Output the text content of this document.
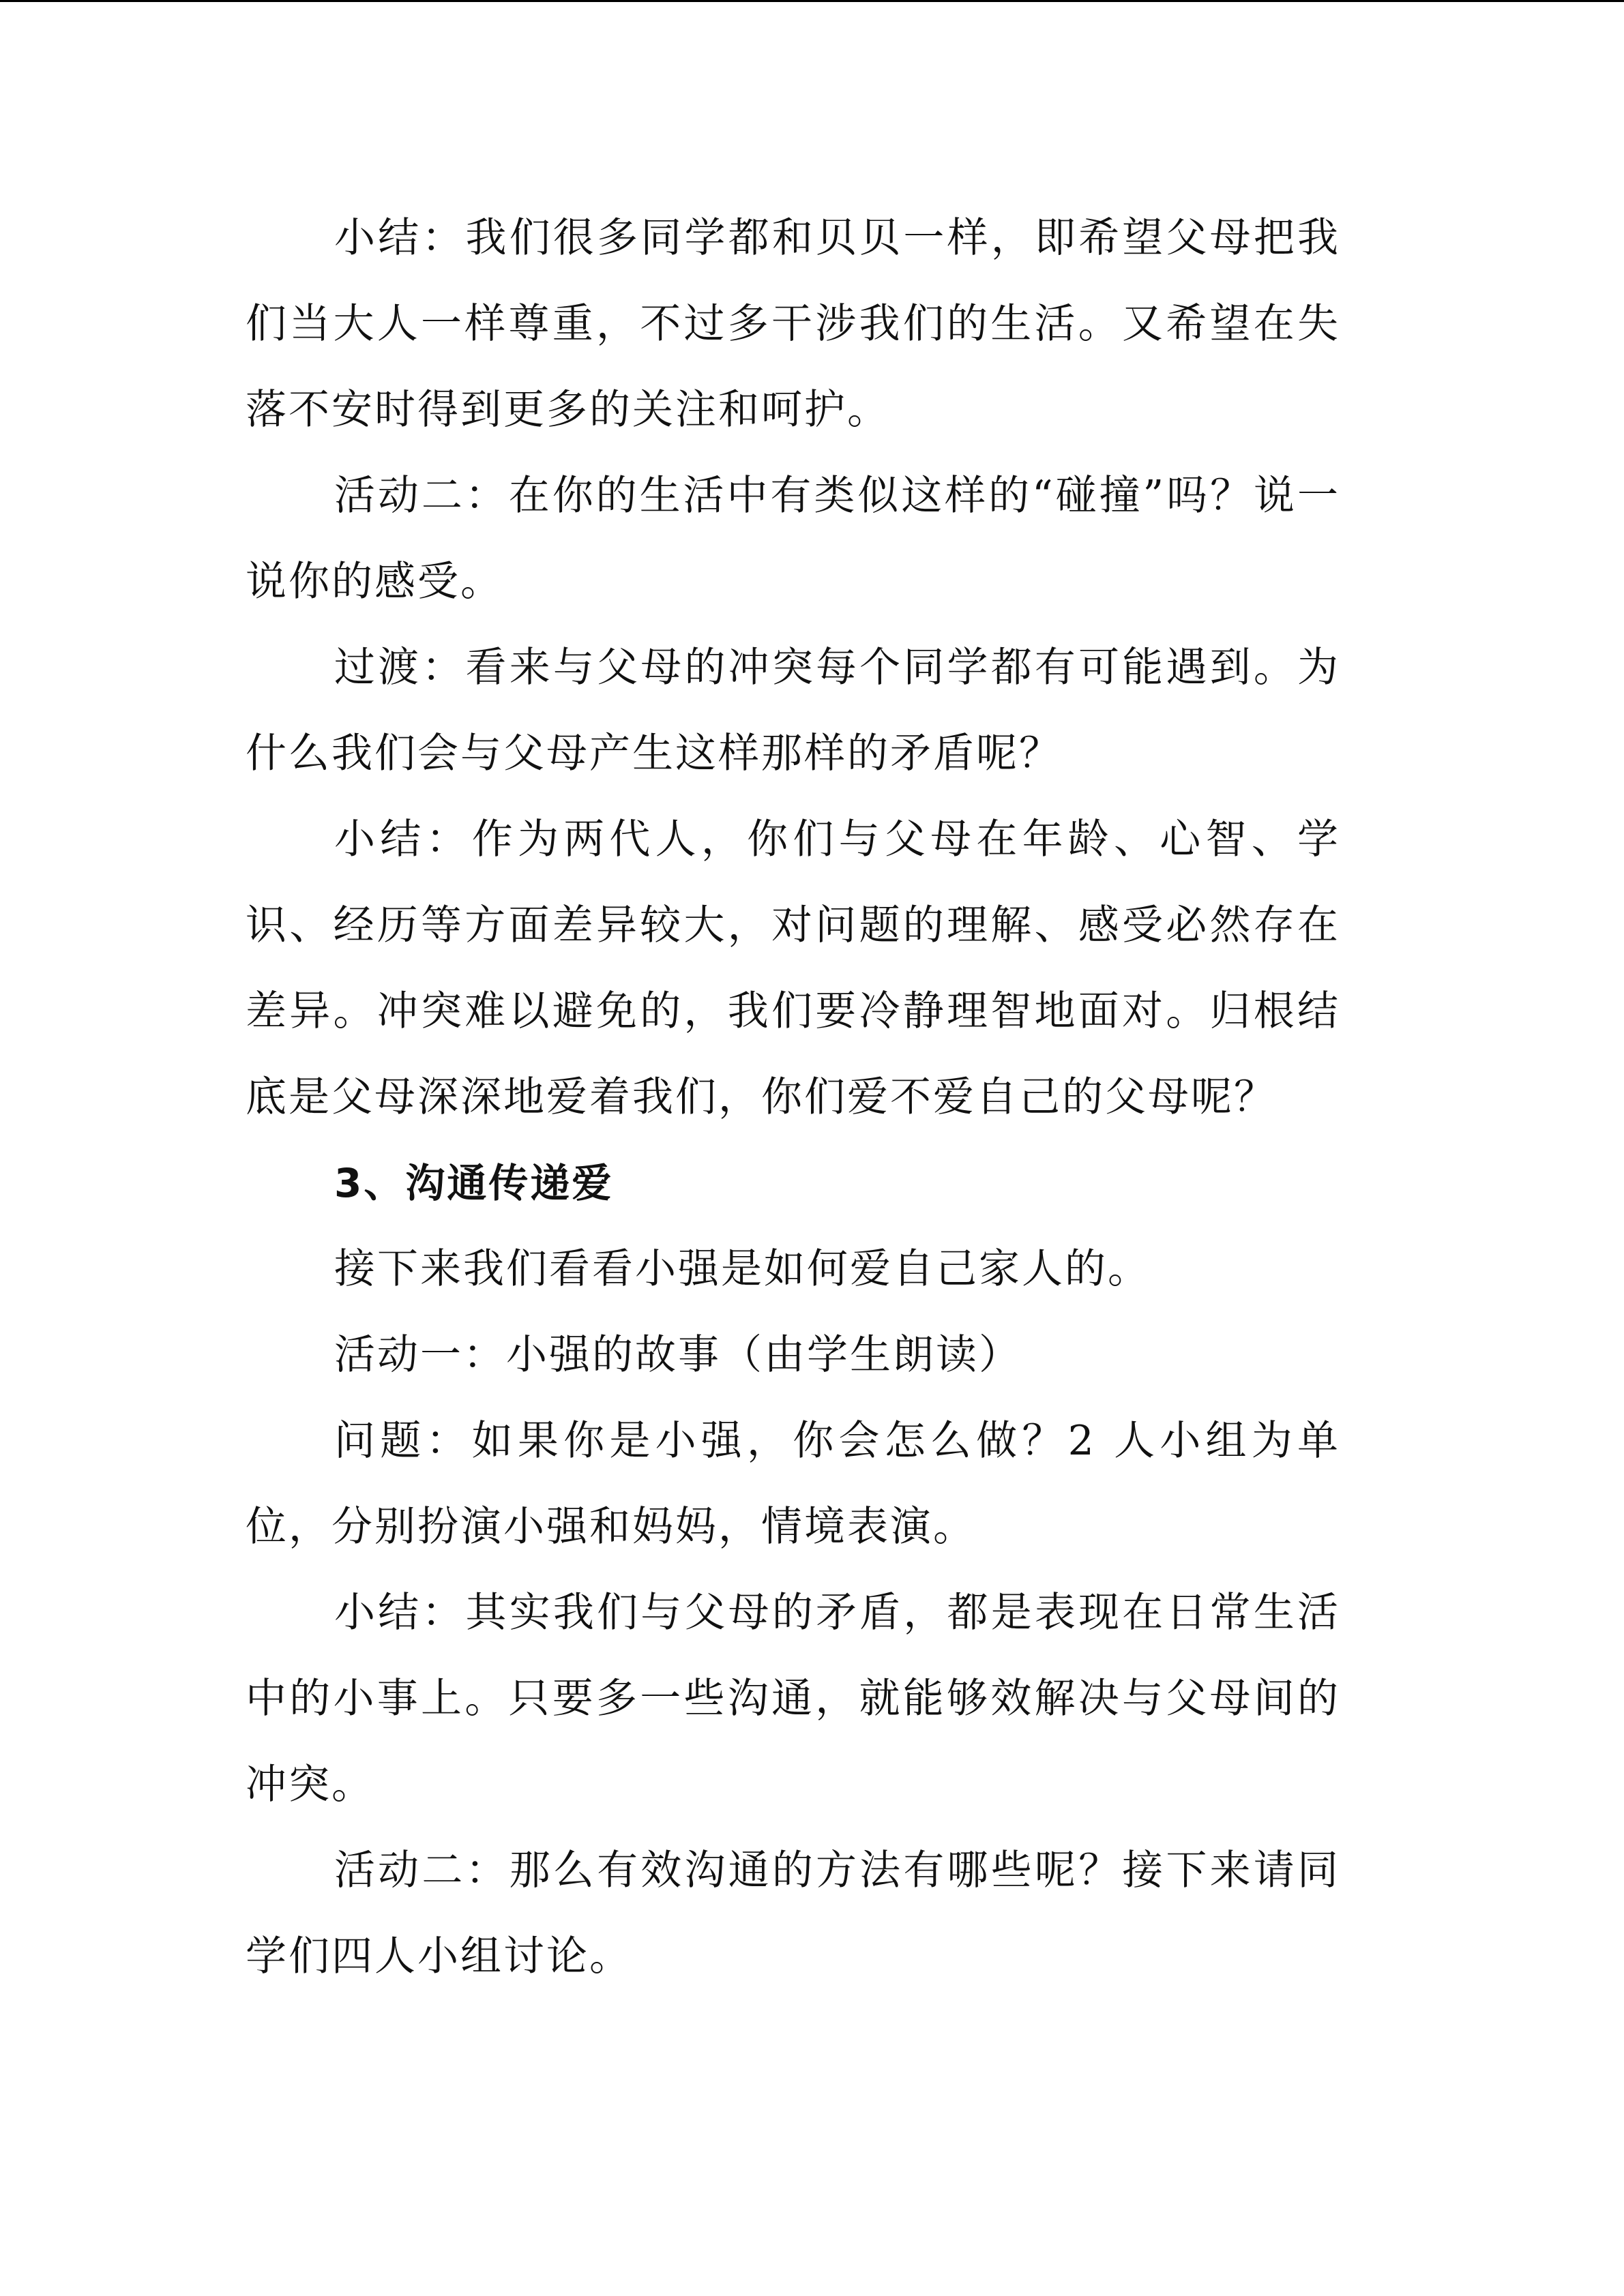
小结：我们很多同学都和贝贝一样，即希望父母把我们当大人一样尊重，不过多干涉我们的生活。又希望在失落不安时得到更多的关注和呵护。

活动二：在你的生活中有类似这样的“碰撞”吗？说一说你的感受。

过渡：看来与父母的冲突每个同学都有可能遇到。为什么我们会与父母产生这样那样的矛盾呢？

小结：作为两代人，你们与父母在年龄、心智、学识、经历等方面差异较大，对问题的理解、感受必然存在差异。冲突难以避免的，我们要冷静理智地面对。归根结底是父母深深地爱着我们，你们爱不爱自己的父母呢？

3、沟通传递爱

接下来我们看看小强是如何爱自己家人的。

活动一：小强的故事（由学生朗读）

问题：如果你是小强，你会怎么做？2 人小组为单位，分别扮演小强和妈妈，情境表演。

小结：其实我们与父母的矛盾，都是表现在日常生活中的小事上。只要多一些沟通，就能够效解决与父母间的冲突。

活动二：那么有效沟通的方法有哪些呢？接下来请同学们四人小组讨论。
